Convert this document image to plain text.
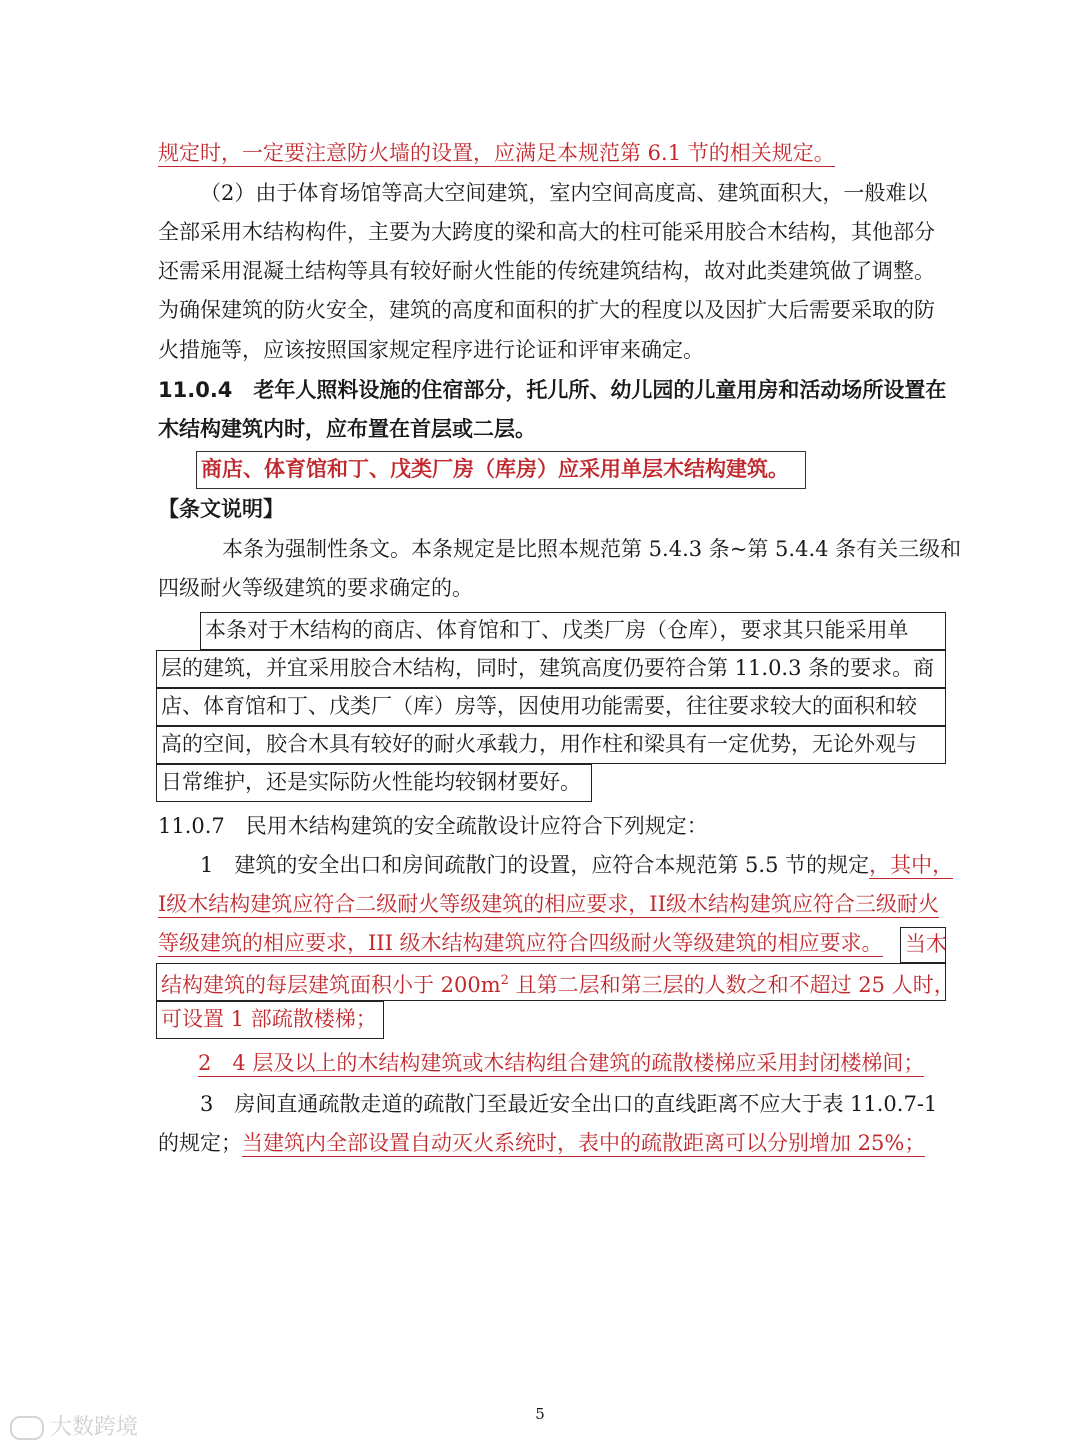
规定时，一定要注意防火墙的设置，应满足本规范第 6.1 节的相关规定。
（2）由于体育场馆等高大空间建筑，室内空间高度高、建筑面积大，一般难以
全部采用木结构构件，主要为大跨度的梁和高大的柱可能采用胶合木结构，其他部分
还需采用混凝土结构等具有较好耐火性能的传统建筑结构，故对此类建筑做了调整。
为确保建筑的防火安全，建筑的高度和面积的扩大的程度以及因扩大后需要采取的防
火措施等，应该按照国家规定程序进行论证和评审来确定。
11.0.4　老年人照料设施的住宿部分，托儿所、幼儿园的儿童用房和活动场所设置在
木结构建筑内时，应布置在首层或二层。
商店、体育馆和丁、戊类厂房（库房）应采用单层木结构建筑。
【条文说明】
本条为强制性条文。本条规定是比照本规范第 5.4.3 条~第 5.4.4 条有关三级和
四级耐火等级建筑的要求确定的。
本条对于木结构的商店、体育馆和丁、戊类厂房（仓库），要求其只能采用单
层的建筑，并宜采用胶合木结构，同时，建筑高度仍要符合第 11.0.3 条的要求。商
店、体育馆和丁、戊类厂（库）房等，因使用功能需要，往往要求较大的面积和较
高的空间，胶合木具有较好的耐火承载力，用作柱和梁具有一定优势，无论外观与
日常维护，还是实际防火性能均较钢材要好。
11.0.7　民用木结构建筑的安全疏散设计应符合下列规定：
1　建筑的安全出口和房间疏散门的设置，应符合本规范第 5.5 节的规定，其中，
I级木结构建筑应符合二级耐火等级建筑的相应要求，II级木结构建筑应符合三级耐火
等级建筑的相应要求，III 级木结构建筑应符合四级耐火等级建筑的相应要求。 当木
结构建筑的每层建筑面积小于 $200m^2$ 且第二层和第三层的人数之和不超过 25 人时，
可设置 1 部疏散楼梯；
2　4 层及以上的木结构建筑或木结构组合建筑的疏散楼梯应采用封闭楼梯间；
3　房间直通疏散走道的疏散门至最近安全出口的直线距离不应大于表 11.0.7-1
的规定；当建筑内全部设置自动灭火系统时，表中的疏散距离可以分别增加 25%；
5
大数跨境
